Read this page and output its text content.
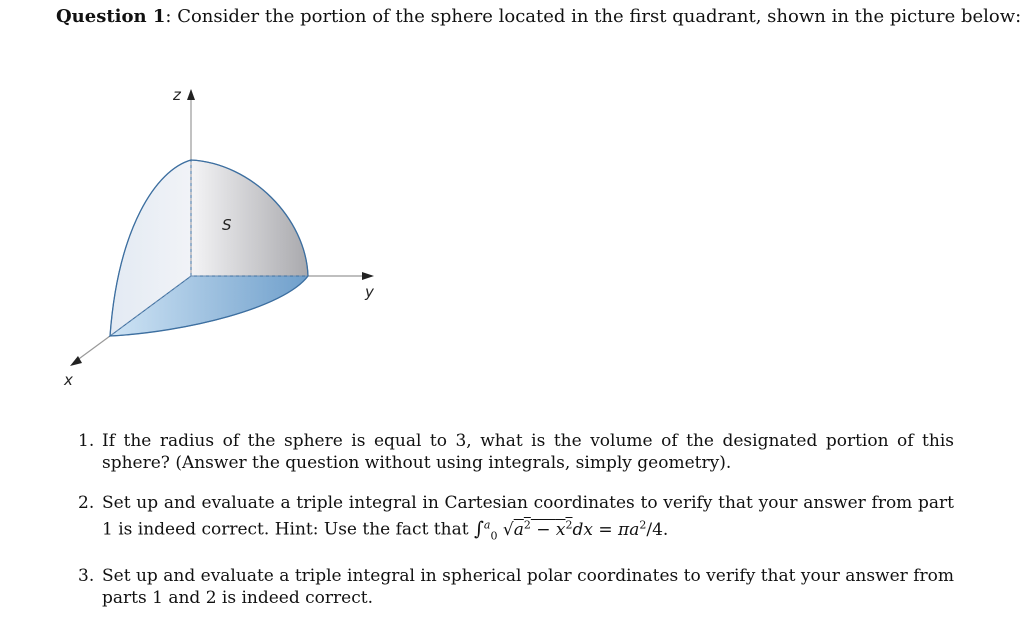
Question 1: Consider the portion of the sphere located in the first quadrant, shown in the picture below:
z
y
x
S
1. If the radius of the sphere is equal to 3, what is the volume of the designated portion of this sphere? (Answer the question without using integrals, simply geometry).
2. Set up and evaluate a triple integral in Cartesian coordinates to verify that your answer from part 1 is indeed correct. Hint: Use the fact that ∫$^a_0$ $√a^2 - x^2dx = \pi a^2/4$.
3. Set up and evaluate a triple integral in spherical polar coordinates to verify that your answer from parts 1 and 2 is indeed correct.
